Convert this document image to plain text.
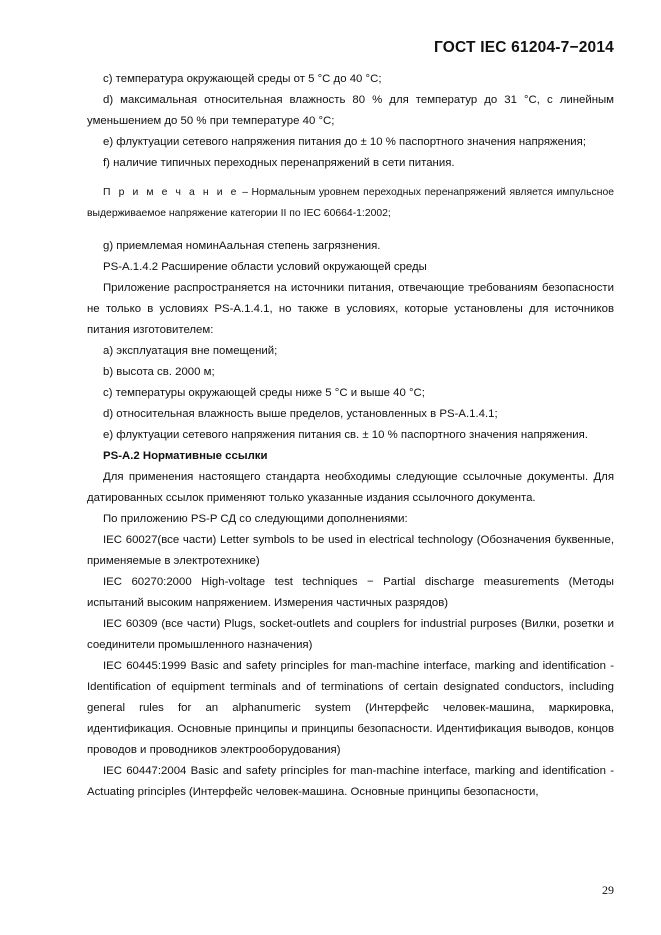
ГОСТ IEC 61204-7−2014

c) температура окружающей среды от 5 °C до 40 °C;

d) максимальная относительная влажность 80 % для температур до 31 °C, с линейным уменьшением до 50 % при температуре 40 °C;

e) флуктуации сетевого напряжения питания до ± 10 % паспортного значения напряжения;

f) наличие типичных переходных перенапряжений в сети питания.

П р и м е ч а н и е – Нормальным уровнем переходных перенапряжений является импульсное выдерживаемое напряжение категории II по IEC 60664-1:2002;

g) приемлемая номинАальная степень загрязнения.

PS-A.1.4.2 Расширение области условий окружающей среды

Приложение распространяется на источники питания, отвечающие требованиям безопасности не только в условиях PS-A.1.4.1, но также в условиях, которые установлены для источников питания изготовителем:

a) эксплуатация вне помещений;

b) высота св. 2000 м;

c) температуры окружающей среды ниже 5 °C и выше 40 °C;

d) относительная влажность выше пределов, установленных в PS-A.1.4.1;

e) флуктуации сетевого напряжения питания св. ± 10 % паспортного значения напряжения.

PS-A.2 Нормативные ссылки

Для применения настоящего стандарта необходимы следующие ссылочные документы. Для датированных ссылок применяют только указанные издания ссылочного документа.

По приложению PS-P СД со следующими дополнениями:

IEC 60027(все части) Letter symbols to be used in electrical technology (Обозначения буквенные, применяемые в электротехнике)

IEC 60270:2000 High-voltage test techniques − Partial discharge measurements (Методы испытаний высоким напряжением. Измерения частичных разрядов)

IEC 60309 (все части) Plugs, socket-outlets and couplers for industrial purposes (Вилки, розетки и соединители промышленного назначения)

IEC 60445:1999 Basic and safety principles for man-machine interface, marking and identification - Identification of equipment terminals and of terminations of certain designated conductors, including general rules for an alphanumeric system (Интерфейс человек-машина, маркировка, идентификация. Основные принципы и принципы безопасности. Идентификация выводов, концов проводов и проводников электрооборудования)

IEC 60447:2004 Basic and safety principles for man-machine interface, marking and identification - Actuating principles (Интерфейс человек-машина. Основные принципы безопасности,

29
